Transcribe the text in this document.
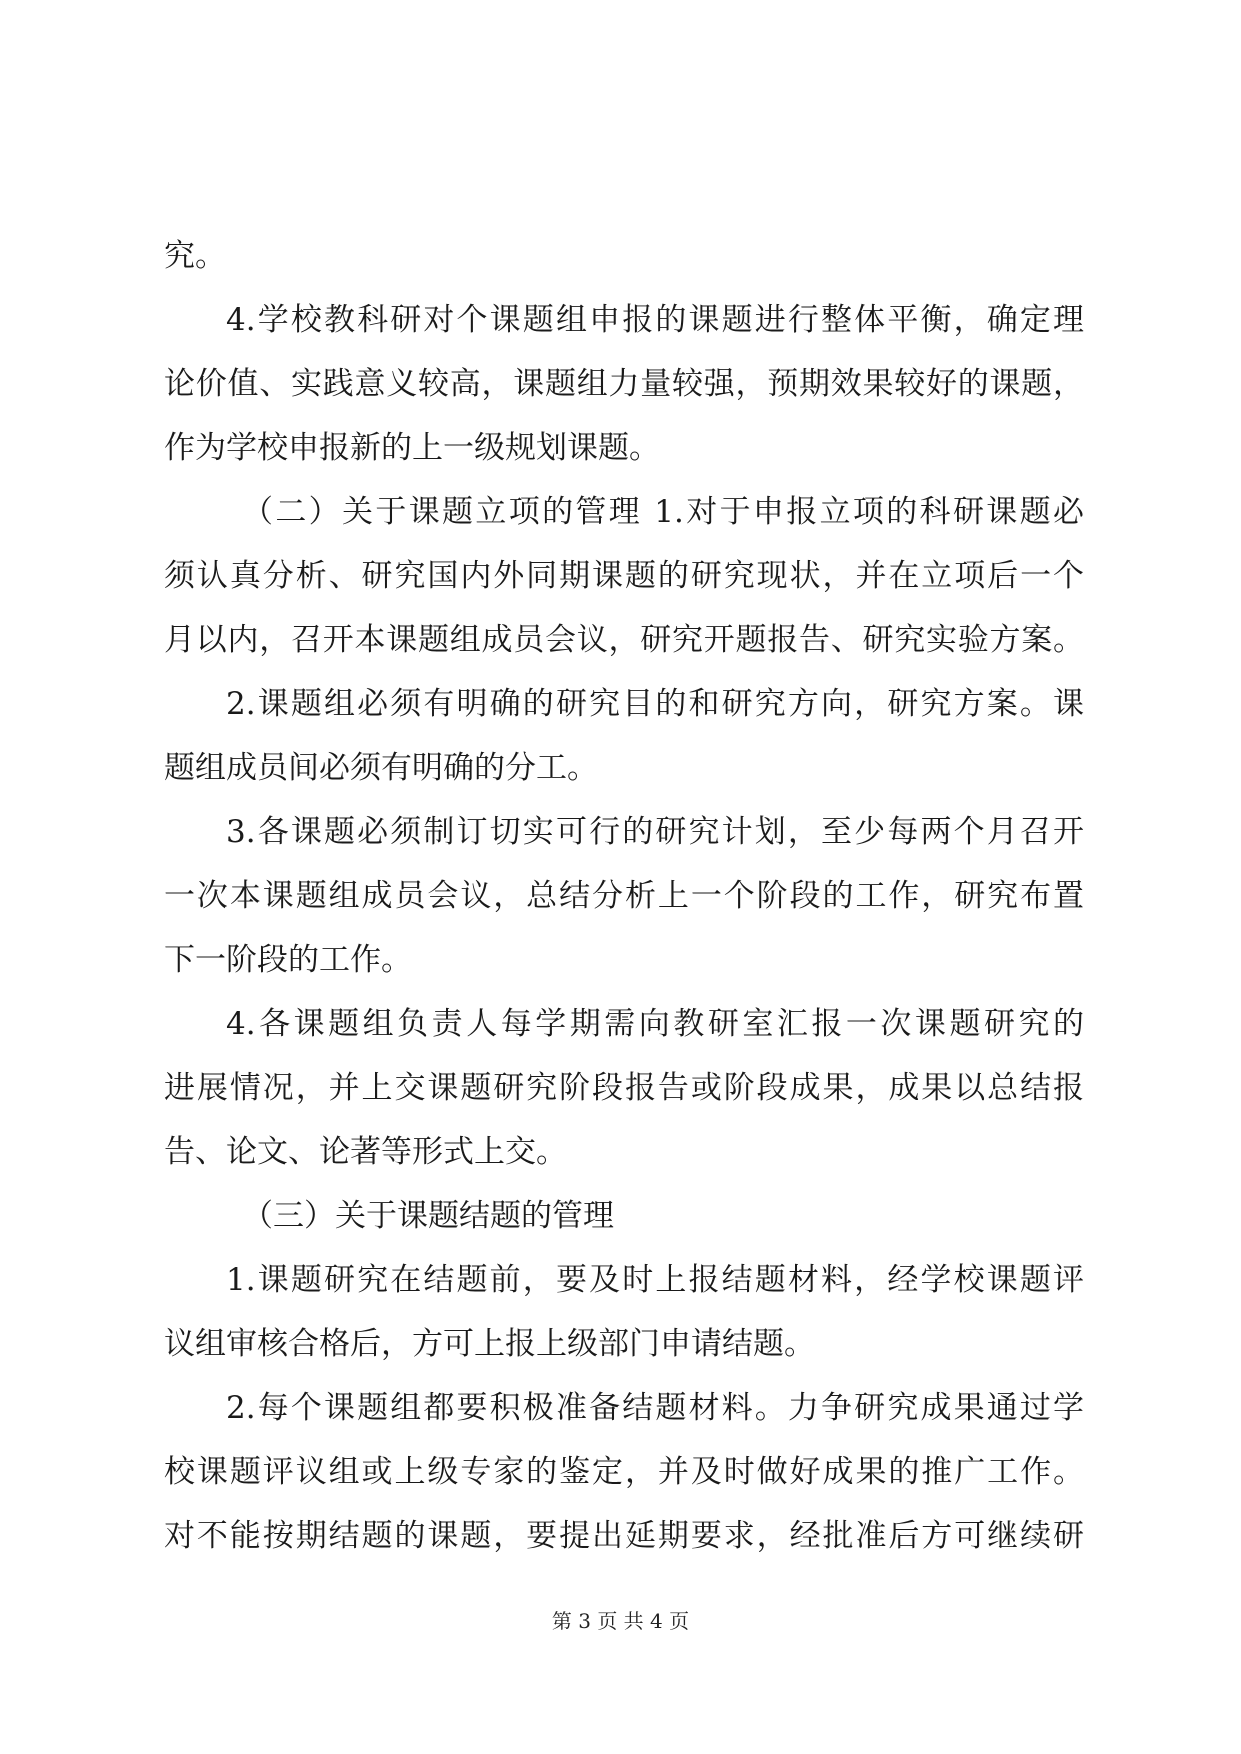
究。
4.学校教科研对个课题组申报的课题进行整体平衡，确定理
论价值、实践意义较高，课题组力量较强，预期效果较好的课题，
作为学校申报新的上一级规划课题。
（二）关于课题立项的管理 1.对于申报立项的科研课题必
须认真分析、研究国内外同期课题的研究现状，并在立项后一个
月以内，召开本课题组成员会议，研究开题报告、研究实验方案。
2.课题组必须有明确的研究目的和研究方向，研究方案。课
题组成员间必须有明确的分工。
3.各课题必须制订切实可行的研究计划，至少每两个月召开
一次本课题组成员会议，总结分析上一个阶段的工作，研究布置
下一阶段的工作。
4.各课题组负责人每学期需向教研室汇报一次课题研究的
进展情况，并上交课题研究阶段报告或阶段成果，成果以总结报
告、论文、论著等形式上交。
（三）关于课题结题的管理
1.课题研究在结题前，要及时上报结题材料，经学校课题评
议组审核合格后，方可上报上级部门申请结题。
2.每个课题组都要积极准备结题材料。力争研究成果通过学
校课题评议组或上级专家的鉴定，并及时做好成果的推广工作。
对不能按期结题的课题，要提出延期要求，经批准后方可继续研
第 3 页 共 4 页
